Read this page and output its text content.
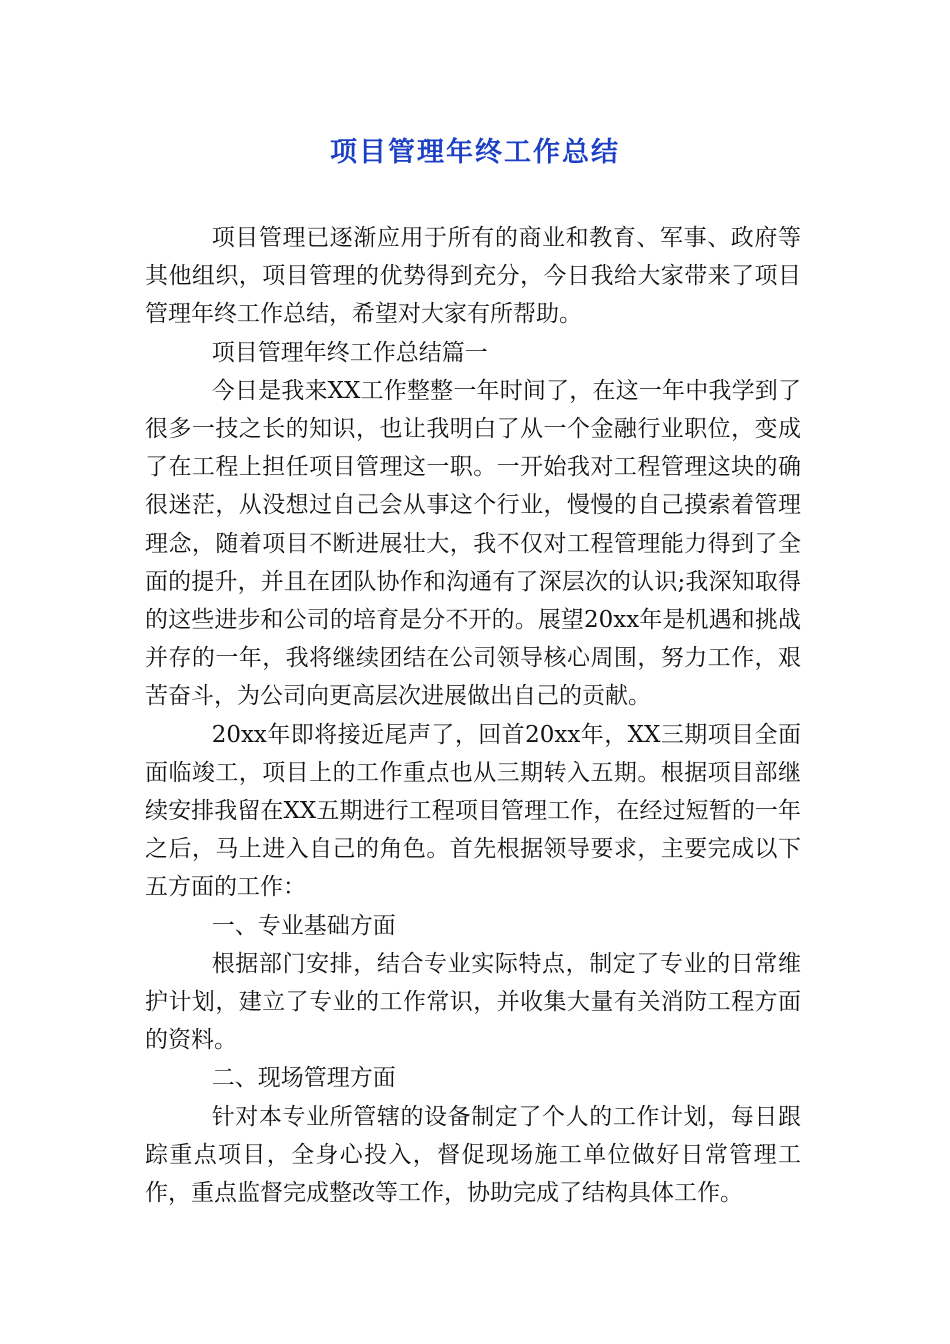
项目管理年终工作总结

项目管理已逐渐应用于所有的商业和教育、军事、政府等其他组织，项目管理的优势得到充分，今日我给大家带来了项目管理年终工作总结，希望对大家有所帮助。

项目管理年终工作总结篇一

今日是我来XX工作整整一年时间了，在这一年中我学到了很多一技之长的知识，也让我明白了从一个金融行业职位，变成了在工程上担任项目管理这一职。一开始我对工程管理这块的确很迷茫，从没想过自己会从事这个行业，慢慢的自己摸索着管理理念，随着项目不断进展壮大，我不仅对工程管理能力得到了全面的提升，并且在团队协作和沟通有了深层次的认识;我深知取得的这些进步和公司的培育是分不开的。展望20xx年是机遇和挑战并存的一年，我将继续团结在公司领导核心周围，努力工作，艰苦奋斗，为公司向更高层次进展做出自己的贡献。

20xx年即将接近尾声了，回首20xx年，XX三期项目全面面临竣工，项目上的工作重点也从三期转入五期。根据项目部继续安排我留在XX五期进行工程项目管理工作，在经过短暂的一年之后，马上进入自己的角色。首先根据领导要求，主要完成以下五方面的工作：

一、专业基础方面

根据部门安排，结合专业实际特点，制定了专业的日常维护计划，建立了专业的工作常识，并收集大量有关消防工程方面的资料。

二、现场管理方面

针对本专业所管辖的设备制定了个人的工作计划，每日跟踪重点项目，全身心投入，督促现场施工单位做好日常管理工作，重点监督完成整改等工作，协助完成了结构具体工作。
